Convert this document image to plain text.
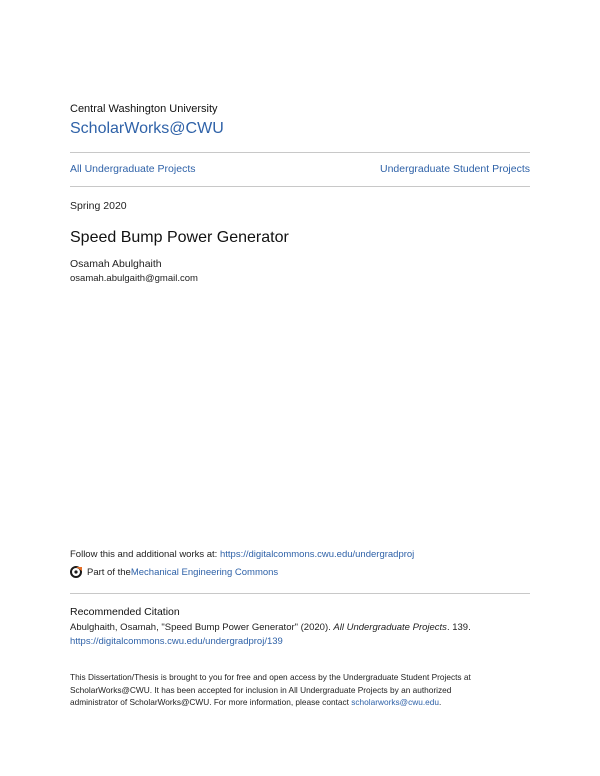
Central Washington University
ScholarWorks@CWU
All Undergraduate Projects	Undergraduate Student Projects
Spring 2020
Speed Bump Power Generator
Osamah Abulghaith
osamah.abulgaith@gmail.com
Follow this and additional works at: https://digitalcommons.cwu.edu/undergradproj
Part of the Mechanical Engineering Commons
Recommended Citation
Abulghaith, Osamah, "Speed Bump Power Generator" (2020). All Undergraduate Projects. 139.
https://digitalcommons.cwu.edu/undergradproj/139
This Dissertation/Thesis is brought to you for free and open access by the Undergraduate Student Projects at
ScholarWorks@CWU. It has been accepted for inclusion in All Undergraduate Projects by an authorized
administrator of ScholarWorks@CWU. For more information, please contact scholarworks@cwu.edu.
